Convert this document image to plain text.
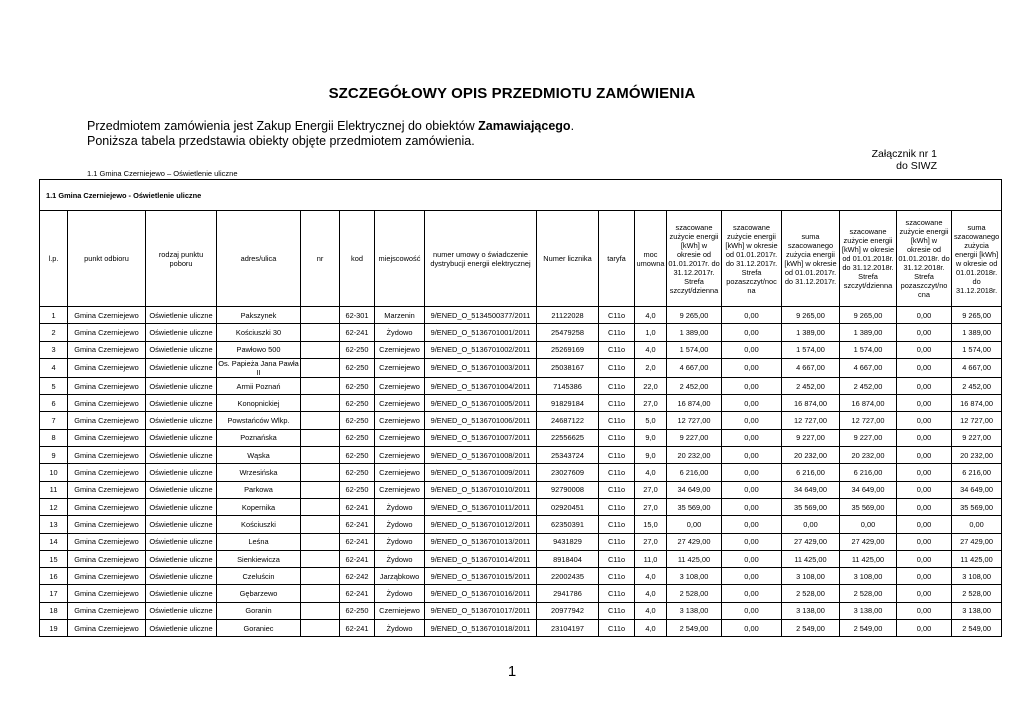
SZCZEGÓŁOWY OPIS PRZEDMIOTU ZAMÓWIENIA
Przedmiotem zamówienia jest Zakup Energii Elektrycznej do obiektów Zamawiającego.
Poniższa tabela przedstawia obiekty objęte przedmiotem zamówienia.
Załącznik nr 1
do SIWZ
1.1 Gmina Czerniejewo – Oświetlenie uliczne
1.1 Gmina Czerniejewo - Oświetlenie uliczne																
l.p.	punkt odbioru	rodzaj punktu poboru	adres/ulica	nr	kod	miejscowość	numer umowy o świadczenie dystrybucji energii elektrycznej	Numer licznika	taryfa	moc umowna	szacowane zużycie energii [kWh] w okresie od 01.01.2017r. do 31.12.2017r. Strefa szczyt/dzienna	szacowane zużycie energii [kWh] w okresie od 01.01.2017r. do 31.12.2017r. Strefa pozaszczyt/noc na	suma szacowanego zużycia energii [kWh] w okresie od 01.01.2017r. do 31.12.2017r.	szacowane zużycie energii [kWh] w okresie od 01.01.2018r. do 31.12.2018r. Strefa szczyt/dzienna	szacowane zużycie energii [kWh] w okresie od 01.01.2018r. do 31.12.2018r. Strefa pozaszczyt/no cna	suma szacowanego zużycia energii [kWh] w okresie od 01.01.2018r. do 31.12.2018r.
1	Gmina Czerniejewo	Oświetlenie uliczne	Pakszynek		62-301	Marzenin	9/ENED_O_5134500377/2011	21122028	C11o	4,0	9 265,00	0,00	9 265,00	9 265,00	0,00	9 265,00
2	Gmina Czerniejewo	Oświetlenie uliczne	Kościuszki 30		62-241	Żydowo	9/ENED_O_5136701001/2011	25479258	C11o	1,0	1 389,00	0,00	1 389,00	1 389,00	0,00	1 389,00
3	Gmina Czerniejewo	Oświetlenie uliczne	Pawłowo 500		62-250	Czerniejewo	9/ENED_O_5136701002/2011	25269169	C11o	4,0	1 574,00	0,00	1 574,00	1 574,00	0,00	1 574,00
4	Gmina Czerniejewo	Oświetlenie uliczne	Os. Papieża Jana Pawła II		62-250	Czerniejewo	9/ENED_O_5136701003/2011	25038167	C11o	2,0	4 667,00	0,00	4 667,00	4 667,00	0,00	4 667,00
5	Gmina Czerniejewo	Oświetlenie uliczne	Armii Poznań		62-250	Czerniejewo	9/ENED_O_5136701004/2011	7145386	C11o	22,0	2 452,00	0,00	2 452,00	2 452,00	0,00	2 452,00
6	Gmina Czerniejewo	Oświetlenie uliczne	Konopnickiej		62-250	Czerniejewo	9/ENED_O_5136701005/2011	91829184	C11o	27,0	16 874,00	0,00	16 874,00	16 874,00	0,00	16 874,00
7	Gmina Czerniejewo	Oświetlenie uliczne	Powstańców Wlkp.		62-250	Czerniejewo	9/ENED_O_5136701006/2011	24687122	C11o	5,0	12 727,00	0,00	12 727,00	12 727,00	0,00	12 727,00
8	Gmina Czerniejewo	Oświetlenie uliczne	Poznańska		62-250	Czerniejewo	9/ENED_O_5136701007/2011	22556625	C11o	9,0	9 227,00	0,00	9 227,00	9 227,00	0,00	9 227,00
9	Gmina Czerniejewo	Oświetlenie uliczne	Wąska		62-250	Czerniejewo	9/ENED_O_5136701008/2011	25343724	C11o	9,0	20 232,00	0,00	20 232,00	20 232,00	0,00	20 232,00
10	Gmina Czerniejewo	Oświetlenie uliczne	Wrzesińska		62-250	Czerniejewo	9/ENED_O_5136701009/2011	23027609	C11o	4,0	6 216,00	0,00	6 216,00	6 216,00	0,00	6 216,00
11	Gmina Czerniejewo	Oświetlenie uliczne	Parkowa		62-250	Czerniejewo	9/ENED_O_5136701010/2011	92790008	C11o	27,0	34 649,00	0,00	34 649,00	34 649,00	0,00	34 649,00
12	Gmina Czerniejewo	Oświetlenie uliczne	Kopernika		62-241	Żydowo	9/ENED_O_5136701011/2011	02920451	C11o	27,0	35 569,00	0,00	35 569,00	35 569,00	0,00	35 569,00
13	Gmina Czerniejewo	Oświetlenie uliczne	Kościuszki		62-241	Żydowo	9/ENED_O_5136701012/2011	62350391	C11o	15,0	0,00	0,00	0,00	0,00	0,00	0,00
14	Gmina Czerniejewo	Oświetlenie uliczne	Leśna		62-241	Żydowo	9/ENED_O_5136701013/2011	9431829	C11o	27,0	27 429,00	0,00	27 429,00	27 429,00	0,00	27 429,00
15	Gmina Czerniejewo	Oświetlenie uliczne	Sienkiewicza		62-241	Żydowo	9/ENED_O_5136701014/2011	8918404	C11o	11,0	11 425,00	0,00	11 425,00	11 425,00	0,00	11 425,00
16	Gmina Czerniejewo	Oświetlenie uliczne	Czeluścin		62-242	Jarząbkowo	9/ENED_O_5136701015/2011	22002435	C11o	4,0	3 108,00	0,00	3 108,00	3 108,00	0,00	3 108,00
17	Gmina Czerniejewo	Oświetlenie uliczne	Gębarzewo		62-241	Żydowo	9/ENED_O_5136701016/2011	2941786	C11o	4,0	2 528,00	0,00	2 528,00	2 528,00	0,00	2 528,00
18	Gmina Czerniejewo	Oświetlenie uliczne	Goranin		62-250	Czerniejewo	9/ENED_O_5136701017/2011	20977942	C11o	4,0	3 138,00	0,00	3 138,00	3 138,00	0,00	3 138,00
19	Gmina Czerniejewo	Oświetlenie uliczne	Goraniec		62-241	Żydowo	9/ENED_O_5136701018/2011	23104197	C11o	4,0	2 549,00	0,00	2 549,00	2 549,00	0,00	2 549,00
1
